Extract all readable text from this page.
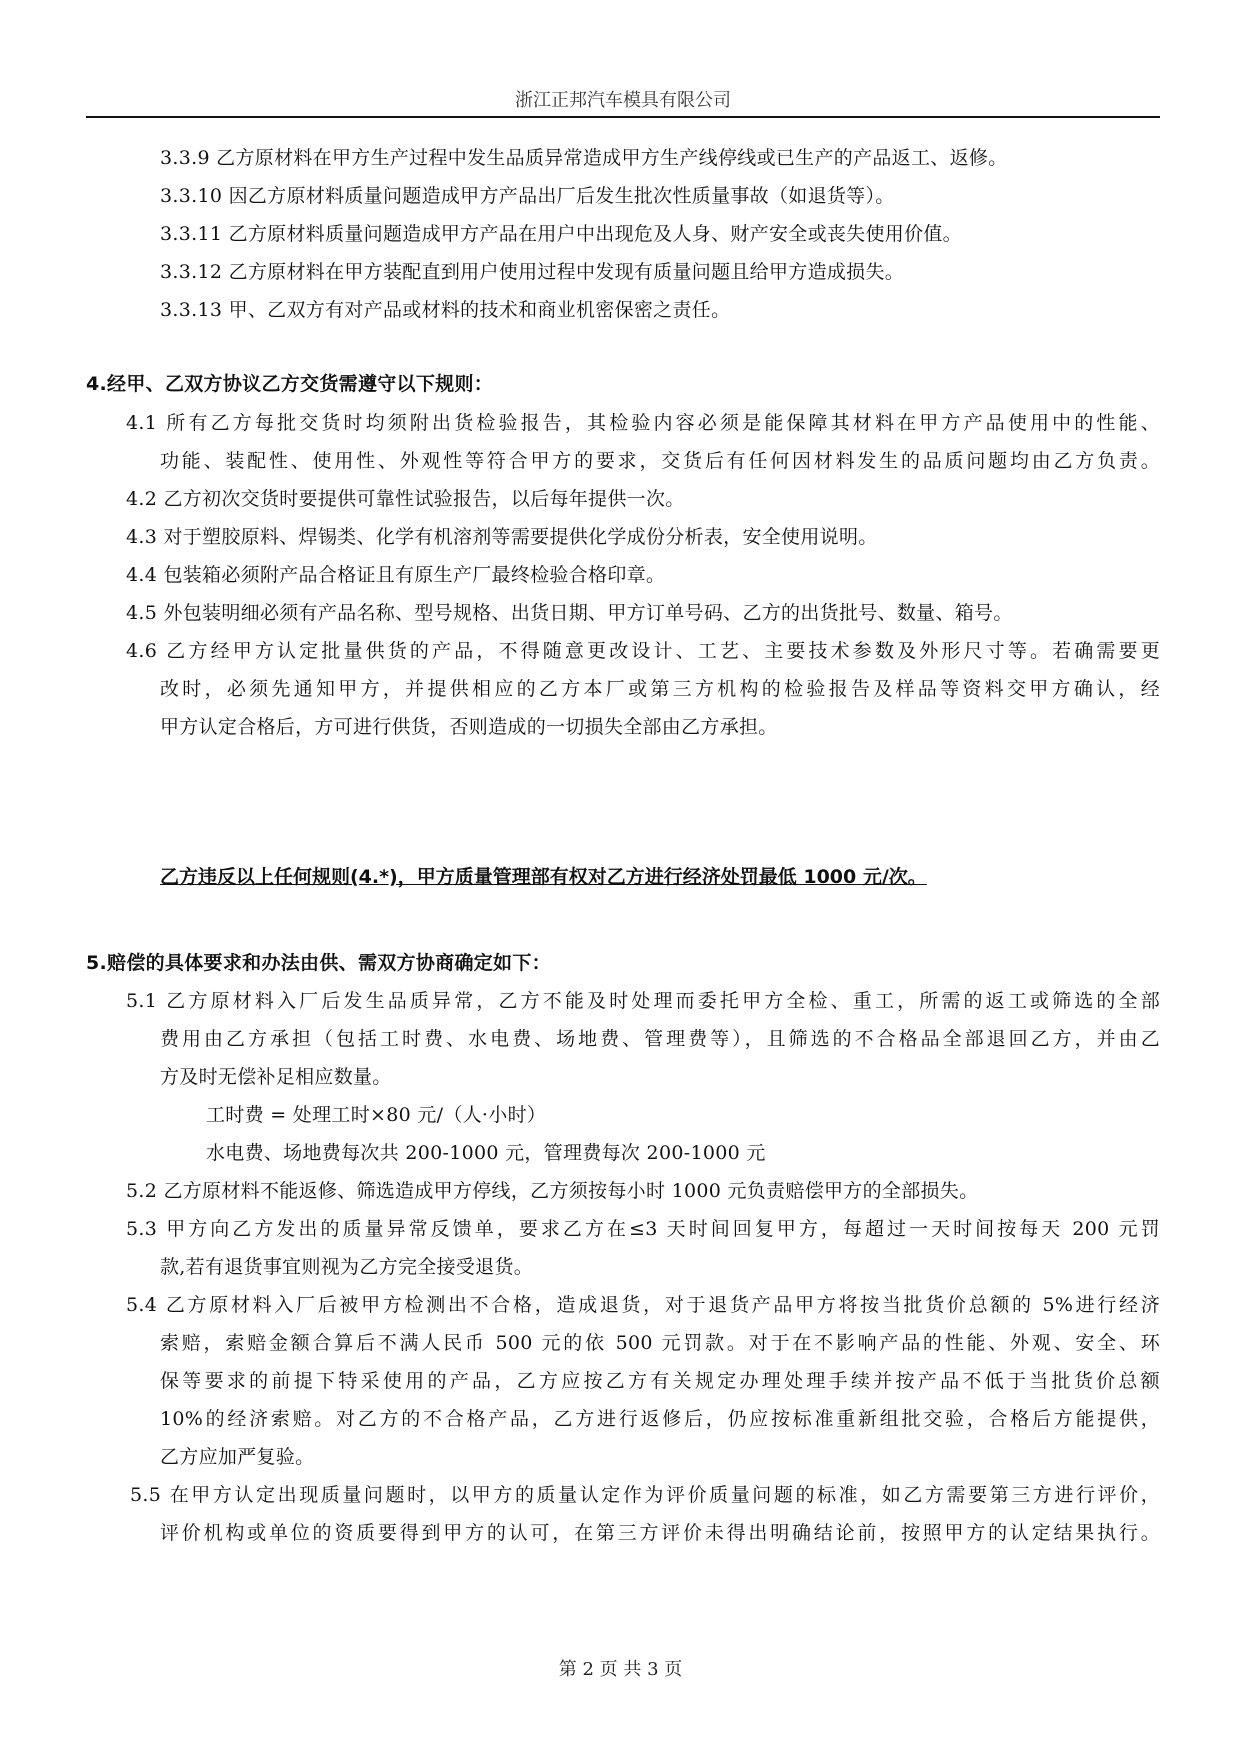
浙江正邦汽车模具有限公司
3.3.9 乙方原材料在甲方生产过程中发生品质异常造成甲方生产线停线或已生产的产品返工、返修。
3.3.10 因乙方原材料质量问题造成甲方产品出厂后发生批次性质量事故（如退货等）。
3.3.11 乙方原材料质量问题造成甲方产品在用户中出现危及人身、财产安全或丧失使用价值。
3.3.12 乙方原材料在甲方装配直到用户使用过程中发现有质量问题且给甲方造成损失。
3.3.13 甲、乙双方有对产品或材料的技术和商业机密保密之责任。
4.经甲、乙双方协议乙方交货需遵守以下规则：
4.1 所有乙方每批交货时均须附出货检验报告，其检验内容必须是能保障其材料在甲方产品使用中的性能、
功能、装配性、使用性、外观性等符合甲方的要求，交货后有任何因材料发生的品质问题均由乙方负责。
4.2 乙方初次交货时要提供可靠性试验报告，以后每年提供一次。
4.3 对于塑胶原料、焊锡类、化学有机溶剂等需要提供化学成份分析表，安全使用说明。
4.4 包装箱必须附产品合格证且有原生产厂最终检验合格印章。
4.5 外包装明细必须有产品名称、型号规格、出货日期、甲方订单号码、乙方的出货批号、数量、箱号。
4.6 乙方经甲方认定批量供货的产品，不得随意更改设计、工艺、主要技术参数及外形尺寸等。若确需要更
改时，必须先通知甲方，并提供相应的乙方本厂或第三方机构的检验报告及样品等资料交甲方确认，经
甲方认定合格后，方可进行供货，否则造成的一切损失全部由乙方承担。
乙方违反以上任何规则(4.*)，甲方质量管理部有权对乙方进行经济处罚最低 1000 元/次。
5.赔偿的具体要求和办法由供、需双方协商确定如下：
5.1 乙方原材料入厂后发生品质异常，乙方不能及时处理而委托甲方全检、重工，所需的返工或筛选的全部
费用由乙方承担（包括工时费、水电费、场地费、管理费等），且筛选的不合格品全部退回乙方，并由乙
方及时无偿补足相应数量。
工时费 = 处理工时×80 元/（人·小时）
水电费、场地费每次共 200-1000 元，管理费每次 200-1000 元
5.2 乙方原材料不能返修、筛选造成甲方停线，乙方须按每小时 1000 元负责赔偿甲方的全部损失。
5.3 甲方向乙方发出的质量异常反馈单，要求乙方在≤3 天时间回复甲方，每超过一天时间按每天 200 元罚
款,若有退货事宜则视为乙方完全接受退货。
5.4 乙方原材料入厂后被甲方检测出不合格，造成退货，对于退货产品甲方将按当批货价总额的 5%进行经济
索赔，索赔金额合算后不满人民币 500 元的依 500 元罚款。对于在不影响产品的性能、外观、安全、环
保等要求的前提下特采使用的产品，乙方应按乙方有关规定办理处理手续并按产品不低于当批货价总额
10%的经济索赔。对乙方的不合格产品，乙方进行返修后，仍应按标准重新组批交验，合格后方能提供，
乙方应加严复验。
5.5 在甲方认定出现质量问题时，以甲方的质量认定作为评价质量问题的标准，如乙方需要第三方进行评价，
评价机构或单位的资质要得到甲方的认可，在第三方评价未得出明确结论前，按照甲方的认定结果执行。
第 2 页 共 3 页
